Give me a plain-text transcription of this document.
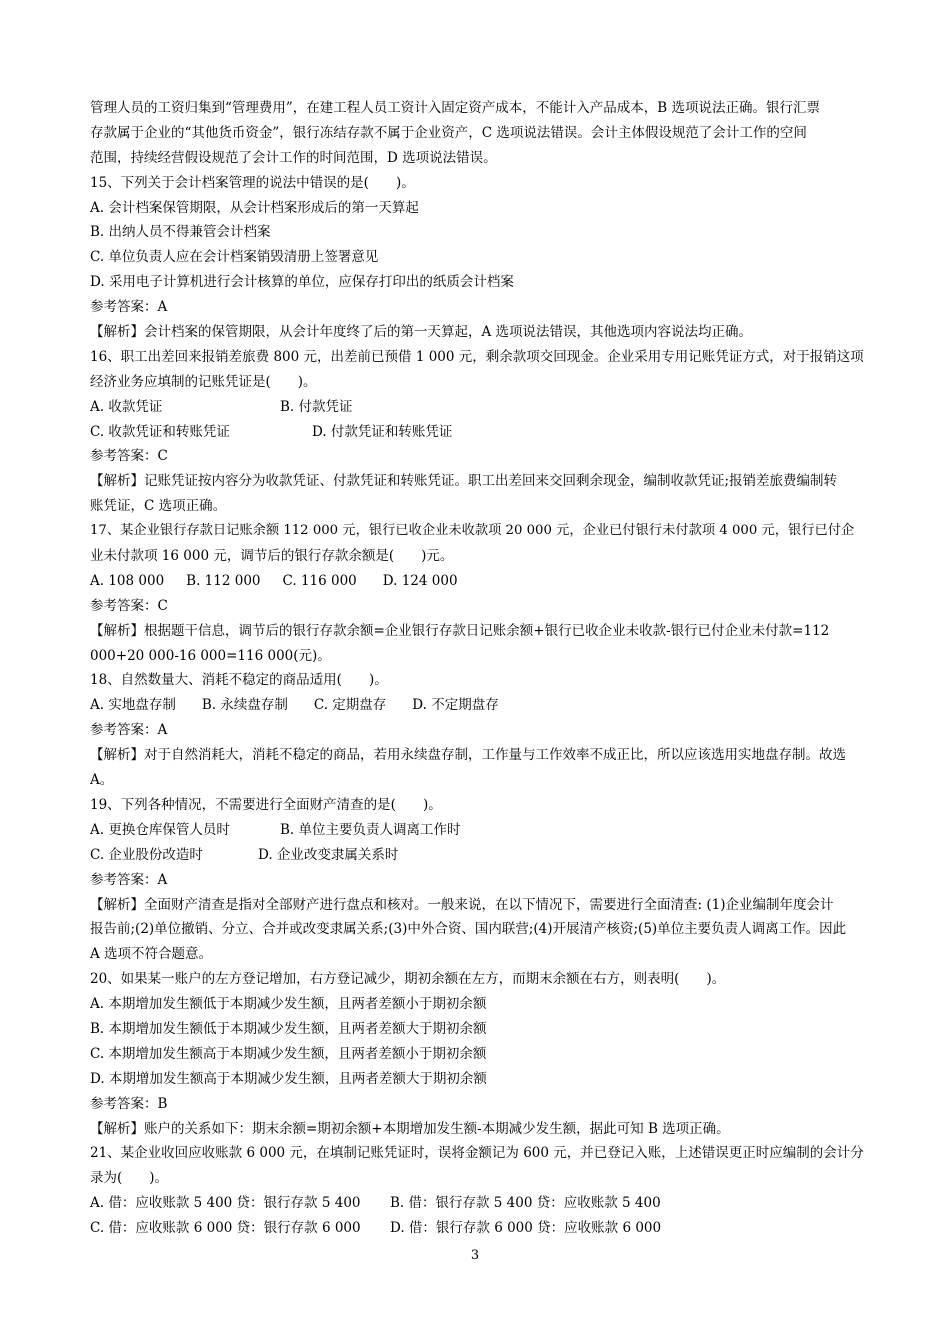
管理人员的工资归集到“管理费用”，在建工程人员工资计入固定资产成本，不能计入产品成本，B 选项说法正确。银行汇票
存款属于企业的“其他货币资金”，银行冻结存款不属于企业资产，C 选项说法错误。会计主体假设规范了会计工作的空间
范围，持续经营假设规范了会计工作的时间范围，D 选项说法错误。
15、下列关于会计档案管理的说法中错误的是(　　)。
A. 会计档案保管期限，从会计档案形成后的第一天算起
B. 出纳人员不得兼管会计档案
C. 单位负责人应在会计档案销毁清册上签署意见
D. 采用电子计算机进行会计核算的单位，应保存打印出的纸质会计档案
参考答案：A
【解析】会计档案的保管期限，从会计年度终了后的第一天算起，A 选项说法错误，其他选项内容说法均正确。
16、职工出差回来报销差旅费 800 元，出差前已预借 1 000 元，剩余款项交回现金。企业采用专用记账凭证方式，对于报销这项
经济业务应填制的记账凭证是(　　)。
A. 收款凭证	B. 付款凭证
C. 收款凭证和转账凭证	D. 付款凭证和转账凭证
参考答案：C
【解析】记账凭证按内容分为收款凭证、付款凭证和转账凭证。职工出差回来交回剩余现金，编制收款凭证;报销差旅费编制转
账凭证，C 选项正确。
17、某企业银行存款日记账余额 112 000 元，银行已收企业未收款项 20 000 元，企业已付银行未付款项 4 000 元，银行已付企
业未付款项 16 000 元，调节后的银行存款余额是(　　)元。
A. 108 000 B. 112 000 C. 116 000 D. 124 000
参考答案：C
【解析】根据题干信息，调节后的银行存款余额=企业银行存款日记账余额+银行已收企业未收款-银行已付企业未付款=112
000+20 000-16 000=116 000(元)。
18、自然数量大、消耗不稳定的商品适用(　　)。
A. 实地盘存制 B. 永续盘存制 C. 定期盘存 D. 不定期盘存
参考答案：A
【解析】对于自然消耗大，消耗不稳定的商品，若用永续盘存制，工作量与工作效率不成正比，所以应该选用实地盘存制。故选
A。
19、下列各种情况，不需要进行全面财产清查的是(　　)。
A. 更换仓库保管人员时	B. 单位主要负责人调离工作时
C. 企业股份改造时	D. 企业改变隶属关系时
参考答案：A
【解析】全面财产清查是指对全部财产进行盘点和核对。一般来说，在以下情况下，需要进行全面清查: (1)企业编制年度会计
报告前;(2)单位撤销、分立、合并或改变隶属关系;(3)中外合资、国内联营;(4)开展清产核资;(5)单位主要负责人调离工作。因此
A 选项不符合题意。
20、如果某一账户的左方登记增加，右方登记减少，期初余额在左方，而期末余额在右方，则表明(　　)。
A. 本期增加发生额低于本期减少发生额，且两者差额小于期初余额
B. 本期增加发生额低于本期减少发生额，且两者差额大于期初余额
C. 本期增加发生额高于本期减少发生额，且两者差额小于期初余额
D. 本期增加发生额高于本期减少发生额，且两者差额大于期初余额
参考答案：B
【解析】账户的关系如下：期末余额=期初余额+本期增加发生额-本期减少发生额，据此可知 B 选项正确。
21、某企业收回应收账款 6 000 元，在填制记账凭证时，误将金额记为 600 元，并已登记入账，上述错误更正时应编制的会计分
录为(　　)。
A. 借：应收账款 5 400 贷：银行存款 5 400 B. 借：银行存款 5 400 贷：应收账款 5 400
C. 借：应收账款 6 000 贷：银行存款 6 000 D. 借：银行存款 6 000 贷：应收账款 6 000
3
